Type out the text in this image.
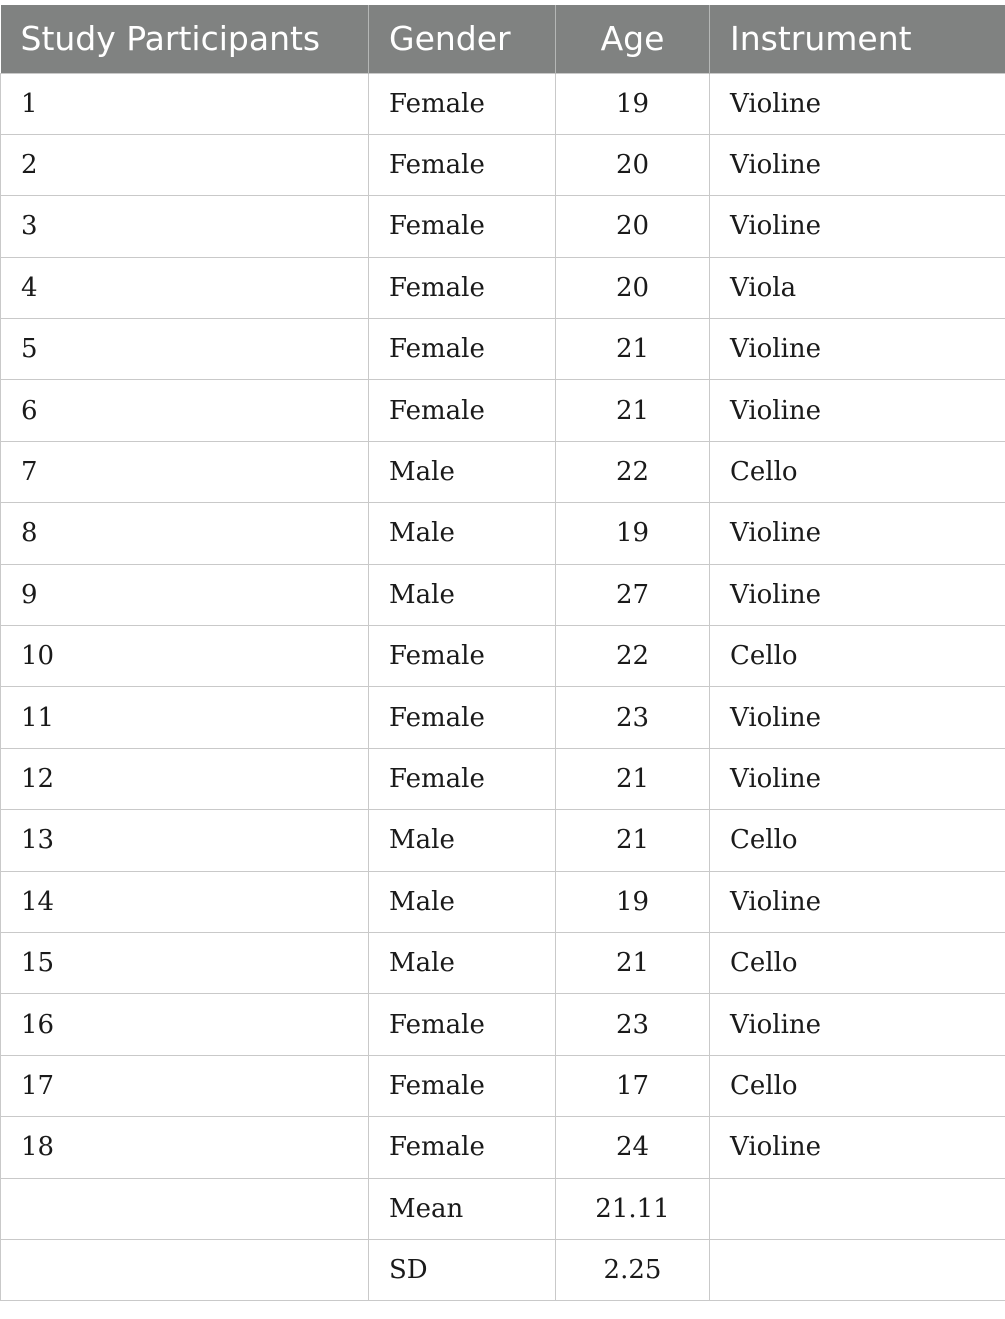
Study Participants	Gender	Age	Instrument
1	Female	19	Violine
2	Female	20	Violine
3	Female	20	Violine
4	Female	20	Viola
5	Female	21	Violine
6	Female	21	Violine
7	Male	22	Cello
8	Male	19	Violine
9	Male	27	Violine
10	Female	22	Cello
11	Female	23	Violine
12	Female	21	Violine
13	Male	21	Cello
14	Male	19	Violine
15	Male	21	Cello
16	Female	23	Violine
17	Female	17	Cello
18	Female	24	Violine
	Mean	21.11	
	SD	2.25	
